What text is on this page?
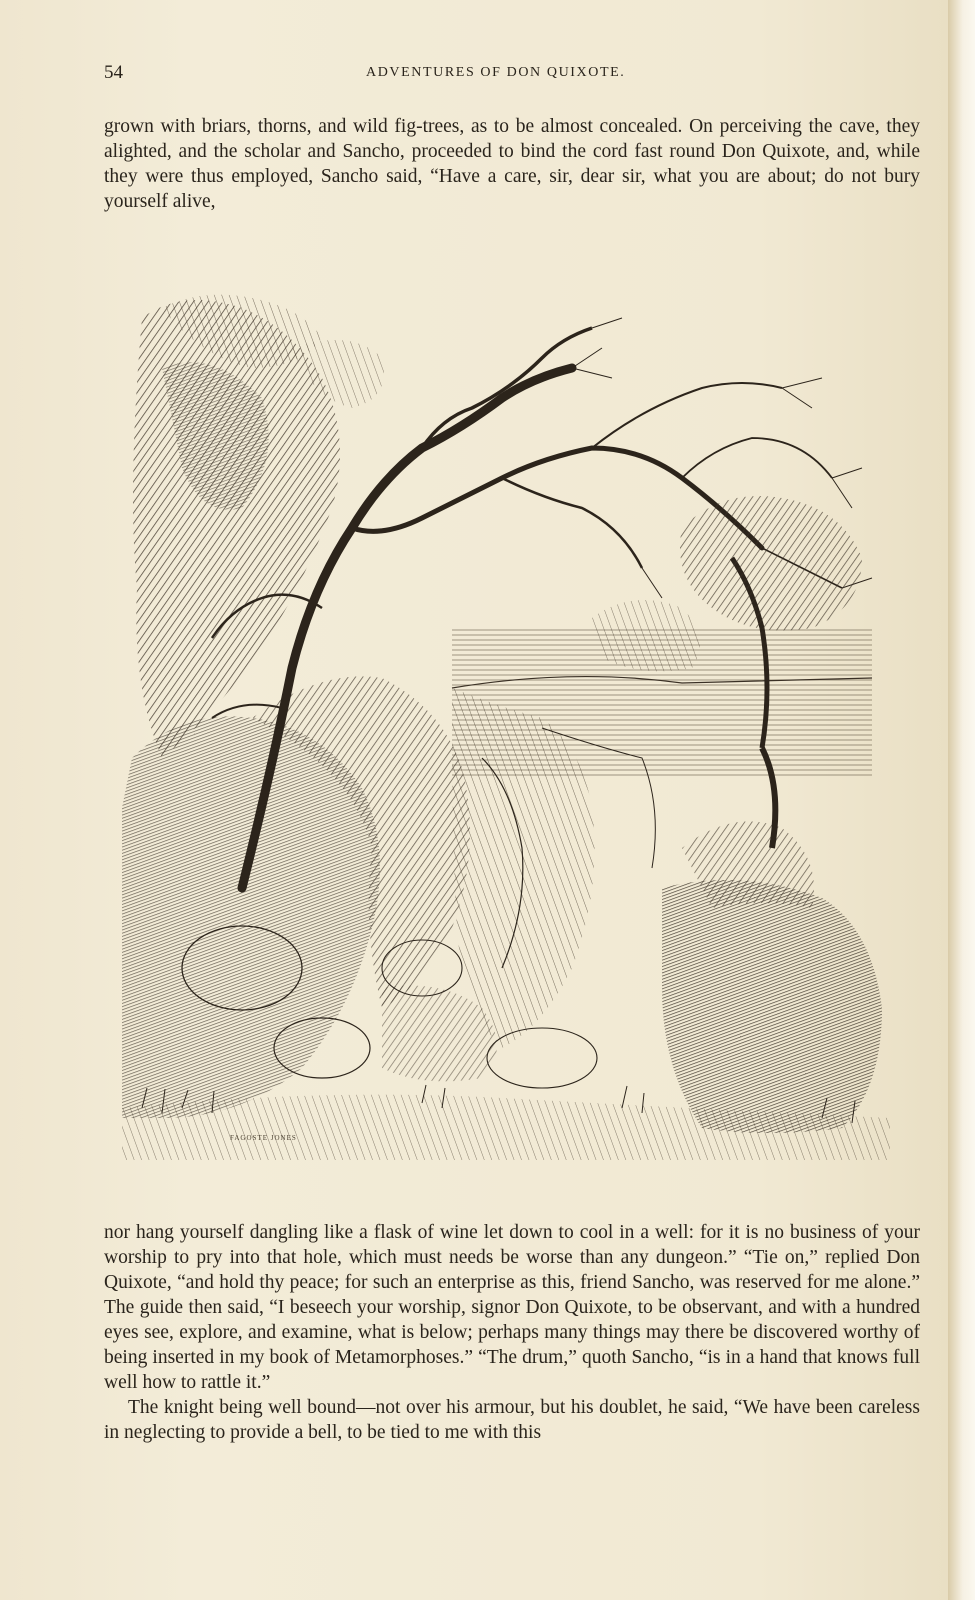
54	ADVENTURES OF DON QUIXOTE.

grown with briars, thorns, and wild fig-trees, as to be almost concealed. On perceiving the cave, they alighted, and the scholar and Sancho, proceeded to bind the cord fast round Don Quixote, and, while they were thus employed, Sancho said, “Have a care, sir, dear sir, what you are about; do not bury yourself alive,

FAGOSTE JONES

nor hang yourself dangling like a flask of wine let down to cool in a well: for it is no business of your worship to pry into that hole, which must needs be worse than any dungeon.” “Tie on,” replied Don Quixote, “and hold thy peace; for such an enterprise as this, friend Sancho, was reserved for me alone.” The guide then said, “I beseech your worship, signor Don Quixote, to be observant, and with a hundred eyes see, explore, and examine, what is below; perhaps many things may there be discovered worthy of being inserted in my book of Metamorphoses.” “The drum,” quoth Sancho, “is in a hand that knows full well how to rattle it.”

The knight being well bound—not over his armour, but his doublet, he said, “We have been careless in neglecting to provide a bell, to be tied to me with this
